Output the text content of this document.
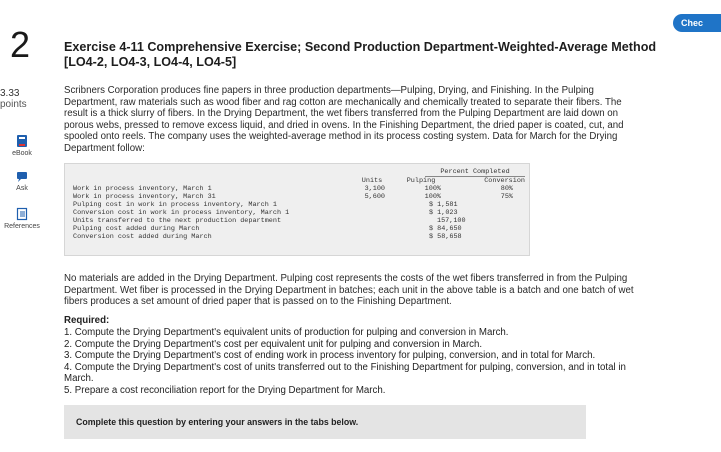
2
3.33
points
eBook
Ask
References
Chec
Exercise 4-11 Comprehensive Exercise; Second Production Department-Weighted-Average Method [LO4-2, LO4-3, LO4-4, LO4-5]
Scribners Corporation produces fine papers in three production departments—Pulping, Drying, and Finishing. In the Pulping Department, raw materials such as wood fiber and rag cotton are mechanically and chemically treated to separate their fibers. The result is a thick slurry of fibers. In the Drying Department, the wet fibers transferred from the Pulping Department are laid down on porous webs, pressed to remove excess liquid, and dried in ovens. In the Finishing Department, the dried paper is coated, cut, and spooled onto reels. The company uses the weighted-average method in its process costing system. Data for March for the Drying Department follow:
Percent Completed
Units	Pulping	Conversion
Work in process inventory, March 1	3,100	100%	80%
Work in process inventory, March 31	5,600	100%	75%
Pulping cost in work in process inventory, March 1	$ 1,581
Conversion cost in work in process inventory, March 1	$ 1,023
Units transferred to the next production department	157,100
Pulping cost added during March	$ 84,650
Conversion cost added during March	$ 58,658
No materials are added in the Drying Department. Pulping cost represents the costs of the wet fibers transferred in from the Pulping Department. Wet fiber is processed in the Drying Department in batches; each unit in the above table is a batch and one batch of wet fibers produces a set amount of dried paper that is passed on to the Finishing Department.
Required:
1. Compute the Drying Department's equivalent units of production for pulping and conversion in March.
2. Compute the Drying Department's cost per equivalent unit for pulping and conversion in March.
3. Compute the Drying Department's cost of ending work in process inventory for pulping, conversion, and in total for March.
4. Compute the Drying Department's cost of units transferred out to the Finishing Department for pulping, conversion, and in total in March.
5. Prepare a cost reconciliation report for the Drying Department for March.
Complete this question by entering your answers in the tabs below.
